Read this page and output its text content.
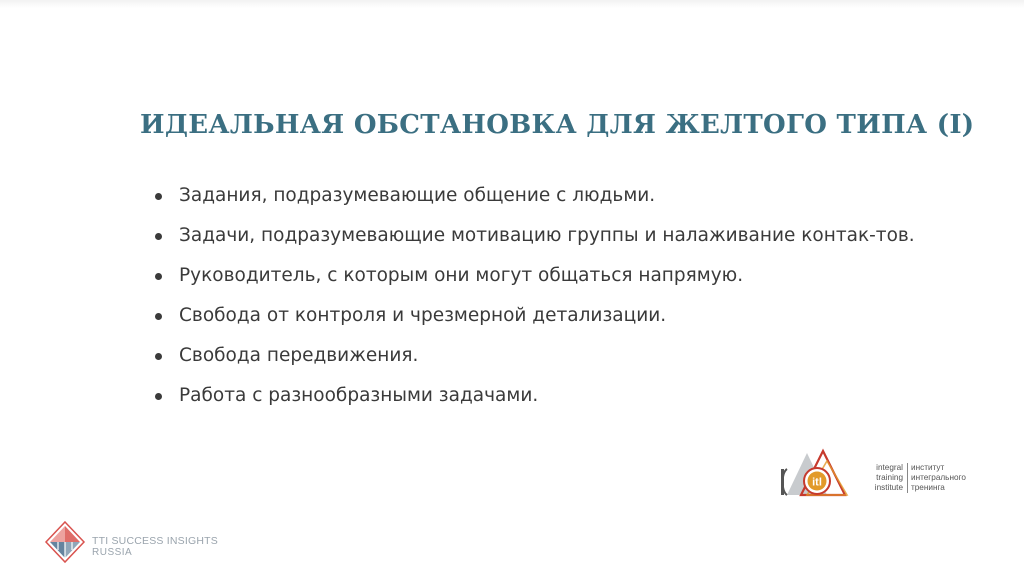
ИДЕАЛЬНАЯ ОБСТАНОВКА ДЛЯ ЖЕЛТОГО ТИПА (I)
Задания, подразумевающие общение с людьми.
Задачи, подразумевающие мотивацию группы и налаживание контак-тов.
Руководитель, с которым они могут общаться напрямую.
Свобода от контроля и чрезмерной детализации.
Свобода передвижения.
Работа с разнообразными задачами.
itl
integral
training
institute
институт
интегрального
тренинга
TTI SUCCESS INSIGHTS
RUSSIA
